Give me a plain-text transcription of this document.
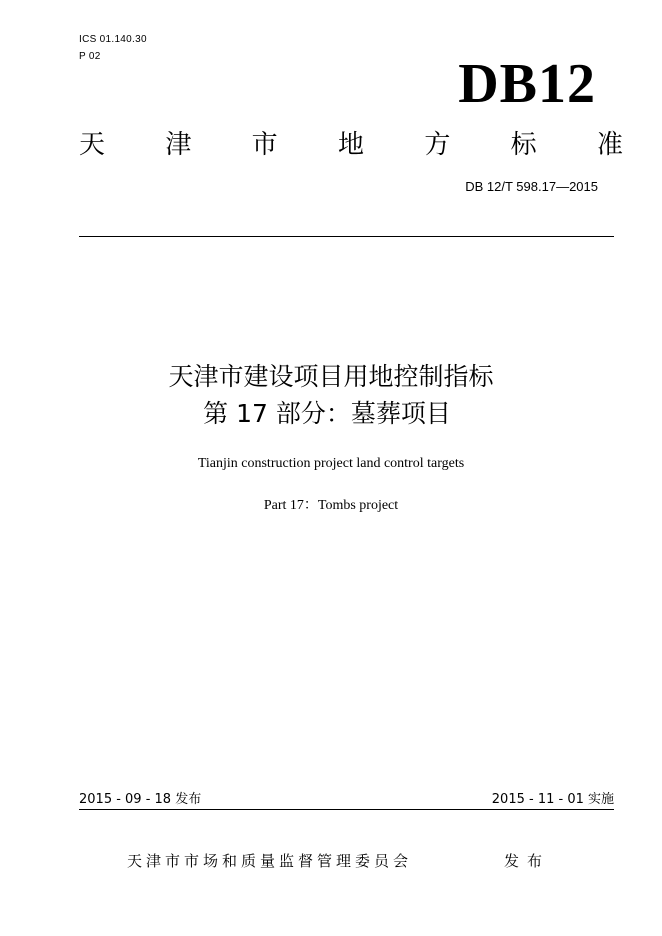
ICS 01.140.30
P 02	DB12
天 津 市 地 方 标 准
DB 12/T 598.17—2015
天津市建设项目用地控制指标
第 17 部分：墓葬项目
Tianjin construction project land control targets
Part 17：Tombs project
2015 - 09 - 18 发布	2015 - 11 - 01 实施
天津市市场和质量监督管理委员会	发布
